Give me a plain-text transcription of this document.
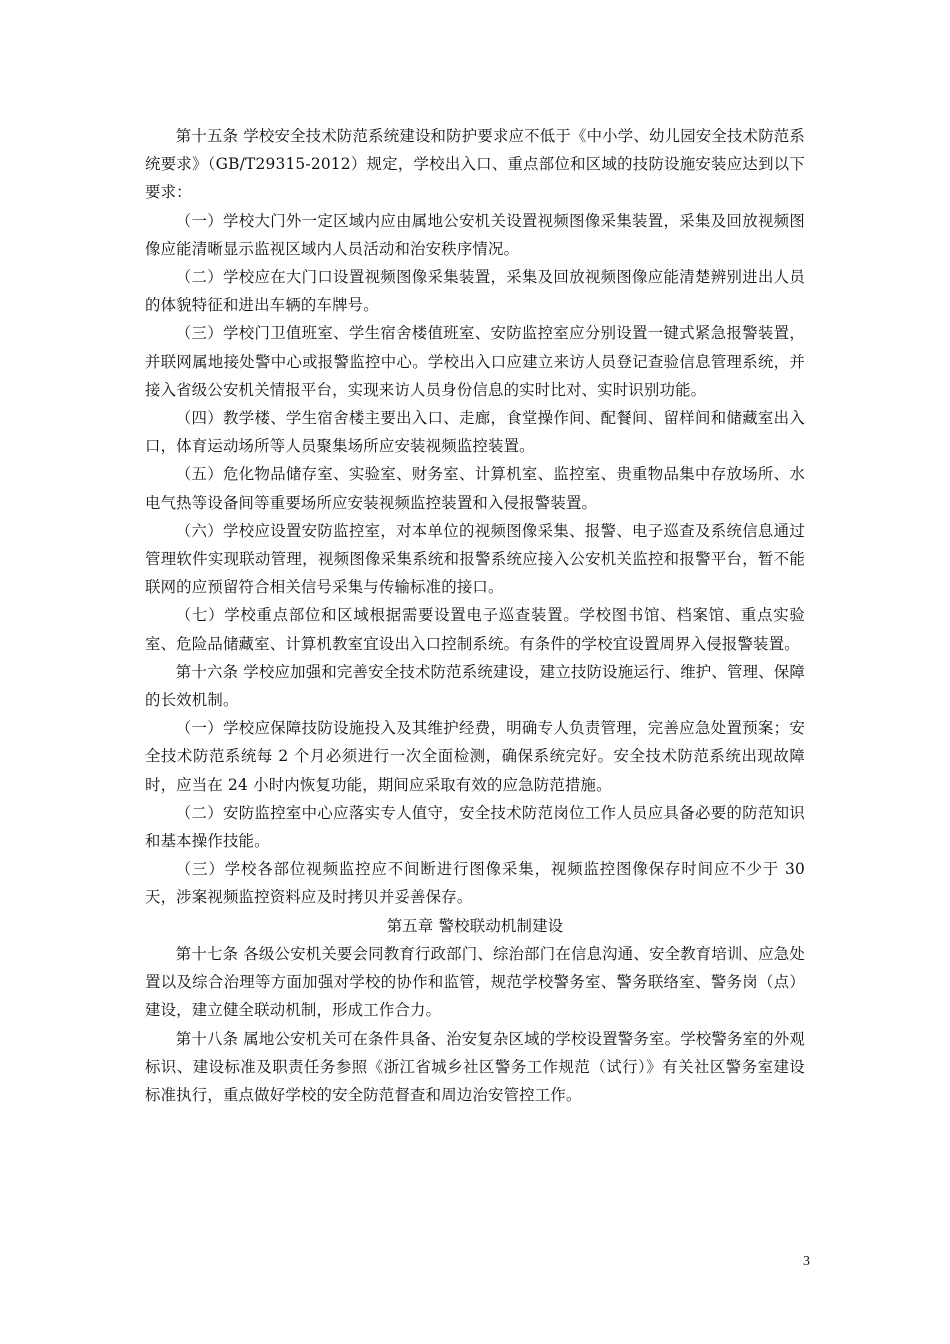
第十五条 学校安全技术防范系统建设和防护要求应不低于《中小学、幼儿园安全技术防范系统要求》（GB/T29315-2012）规定，学校出入口、重点部位和区域的技防设施安装应达到以下要求：

（一）学校大门外一定区域内应由属地公安机关设置视频图像采集装置，采集及回放视频图像应能清晰显示监视区域内人员活动和治安秩序情况。

（二）学校应在大门口设置视频图像采集装置，采集及回放视频图像应能清楚辨别进出人员的体貌特征和进出车辆的车牌号。

（三）学校门卫值班室、学生宿舍楼值班室、安防监控室应分别设置一键式紧急报警装置，并联网属地接处警中心或报警监控中心。学校出入口应建立来访人员登记查验信息管理系统，并接入省级公安机关情报平台，实现来访人员身份信息的实时比对、实时识别功能。

（四）教学楼、学生宿舍楼主要出入口、走廊，食堂操作间、配餐间、留样间和储藏室出入口，体育运动场所等人员聚集场所应安装视频监控装置。

（五）危化物品储存室、实验室、财务室、计算机室、监控室、贵重物品集中存放场所、水电气热等设备间等重要场所应安装视频监控装置和入侵报警装置。

（六）学校应设置安防监控室，对本单位的视频图像采集、报警、电子巡查及系统信息通过管理软件实现联动管理，视频图像采集系统和报警系统应接入公安机关监控和报警平台，暂不能联网的应预留符合相关信号采集与传输标准的接口。

（七）学校重点部位和区域根据需要设置电子巡查装置。学校图书馆、档案馆、重点实验室、危险品储藏室、计算机教室宜设出入口控制系统。有条件的学校宜设置周界入侵报警装置。

第十六条 学校应加强和完善安全技术防范系统建设，建立技防设施运行、维护、管理、保障的长效机制。

（一）学校应保障技防设施投入及其维护经费，明确专人负责管理，完善应急处置预案；安全技术防范系统每 2 个月必须进行一次全面检测，确保系统完好。安全技术防范系统出现故障时，应当在 24 小时内恢复功能，期间应采取有效的应急防范措施。

（二）安防监控室中心应落实专人值守，安全技术防范岗位工作人员应具备必要的防范知识和基本操作技能。

（三）学校各部位视频监控应不间断进行图像采集，视频监控图像保存时间应不少于 30 天，涉案视频监控资料应及时拷贝并妥善保存。

第五章 警校联动机制建设

第十七条 各级公安机关要会同教育行政部门、综治部门在信息沟通、安全教育培训、应急处置以及综合治理等方面加强对学校的协作和监管，规范学校警务室、警务联络室、警务岗（点）建设，建立健全联动机制，形成工作合力。

第十八条 属地公安机关可在条件具备、治安复杂区域的学校设置警务室。学校警务室的外观标识、建设标准及职责任务参照《浙江省城乡社区警务工作规范（试行）》有关社区警务室建设标准执行，重点做好学校的安全防范督查和周边治安管控工作。

3
